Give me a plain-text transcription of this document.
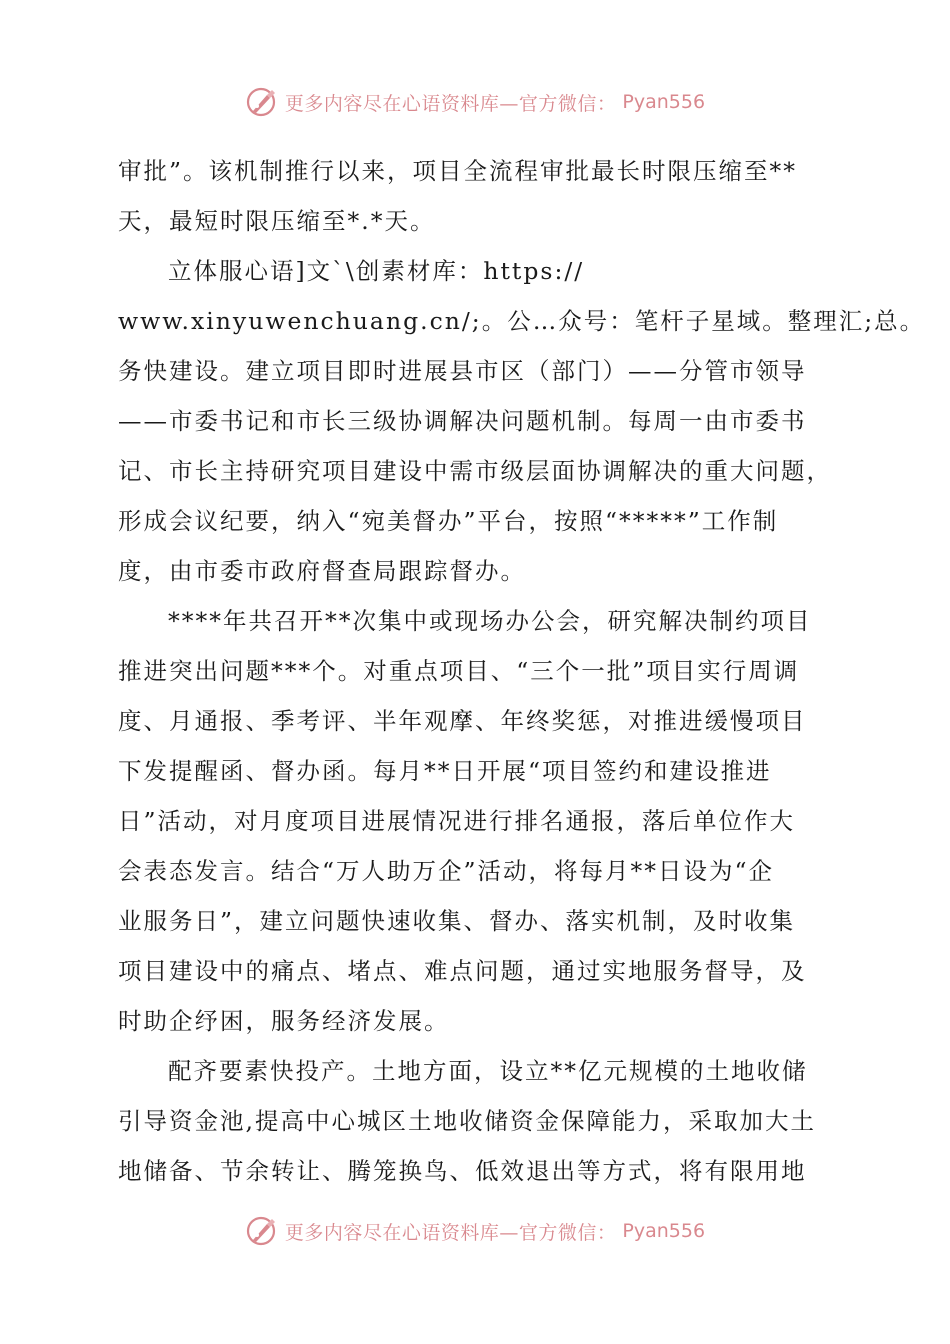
更多内容尽在心语资料库—官方微信： Pyan556
审批”。该机制推行以来，项目全流程审批最长时限压缩至**
天，最短时限压缩至*.*天。
立体服心语]文`\创素材库：https://
www.xinyuwenchuang.cn/;。公…众号：笔杆子星域。整理汇;总。
务快建设。建立项目即时进展县市区（部门）——分管市领导
——市委书记和市长三级协调解决问题机制。每周一由市委书
记、市长主持研究项目建设中需市级层面协调解决的重大问题，
形成会议纪要，纳入“宛美督办”平台，按照“*****”工作制
度，由市委市政府督查局跟踪督办。
****年共召开**次集中或现场办公会，研究解决制约项目
推进突出问题***个。对重点项目、“三个一批”项目实行周调
度、月通报、季考评、半年观摩、年终奖惩，对推进缓慢项目
下发提醒函、督办函。每月**日开展“项目签约和建设推进
日”活动，对月度项目进展情况进行排名通报，落后单位作大
会表态发言。结合“万人助万企”活动，将每月**日设为“企
业服务日”，建立问题快速收集、督办、落实机制，及时收集
项目建设中的痛点、堵点、难点问题，通过实地服务督导，及
时助企纾困，服务经济发展。
配齐要素快投产。土地方面，设立**亿元规模的土地收储
引导资金池,提高中心城区土地收储资金保障能力，采取加大土
地储备、节余转让、腾笼换鸟、低效退出等方式，将有限用地
更多内容尽在心语资料库—官方微信： Pyan556
